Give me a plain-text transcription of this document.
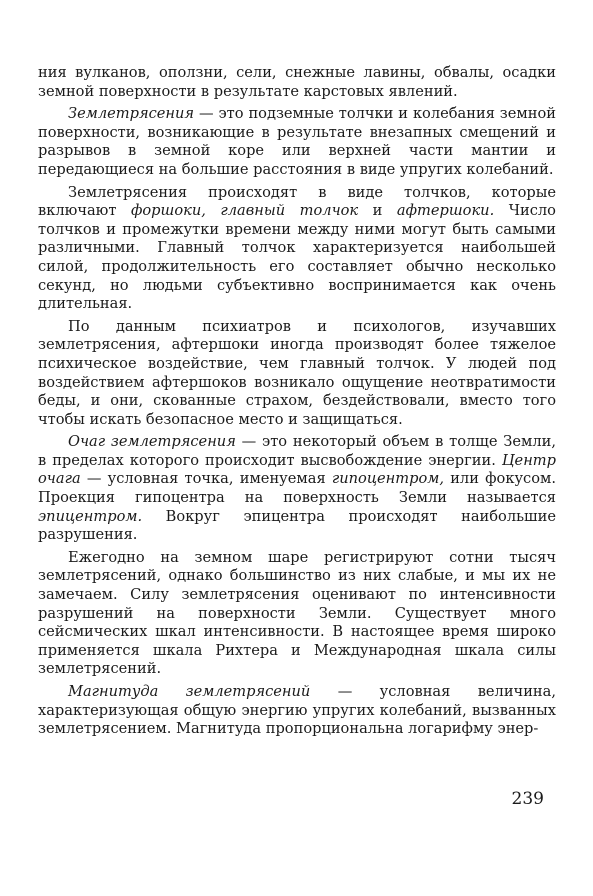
ния вулканов, оползни, сели, снежные лавины, обвалы, осадки земной поверхности в результате карстовых явлений.

Землетрясения — это подземные толчки и колебания земной поверхности, возникающие в результате внезапных смещений и разрывов в земной коре или верхней части мантии и передающиеся на большие расстояния в виде упругих колебаний.

Землетрясения происходят в виде толчков, которые включают форшоки, главный толчок и афтершоки. Число толчков и промежутки времени между ними могут быть самыми различными. Главный толчок характеризуется наибольшей силой, продолжительность его составляет обычно несколько секунд, но людьми субъективно воспринимается как очень длительная.

По данным психиатров и психологов, изучавших землетрясения, афтершоки иногда производят более тяжелое психическое воздействие, чем главный толчок. У людей под воздействием афтершоков возникало ощущение неотвратимости беды, и они, скованные страхом, бездействовали, вместо того чтобы искать безопасное место и защищаться.

Очаг землетрясения — это некоторый объем в толще Земли, в пределах которого происходит высвобождение энергии. Центр очага — условная точка, именуемая гипоцентром, или фокусом. Проекция гипоцентра на поверхность Земли называется эпицентром. Вокруг эпицентра происходят наибольшие разрушения.

Ежегодно на земном шаре регистрируют сотни тысяч землетрясений, однако большинство из них слабые, и мы их не замечаем. Силу землетрясения оценивают по интенсивности разрушений на поверхности Земли. Существует много сейсмических шкал интенсивности. В настоящее время широко применяется шкала Рихтера и Международная шкала силы землетрясений.

Магнитуда землетрясений — условная величина, характеризующая общую энергию упругих колебаний, вызванных землетрясением. Магнитуда пропорциональна логарифму энер-

239
